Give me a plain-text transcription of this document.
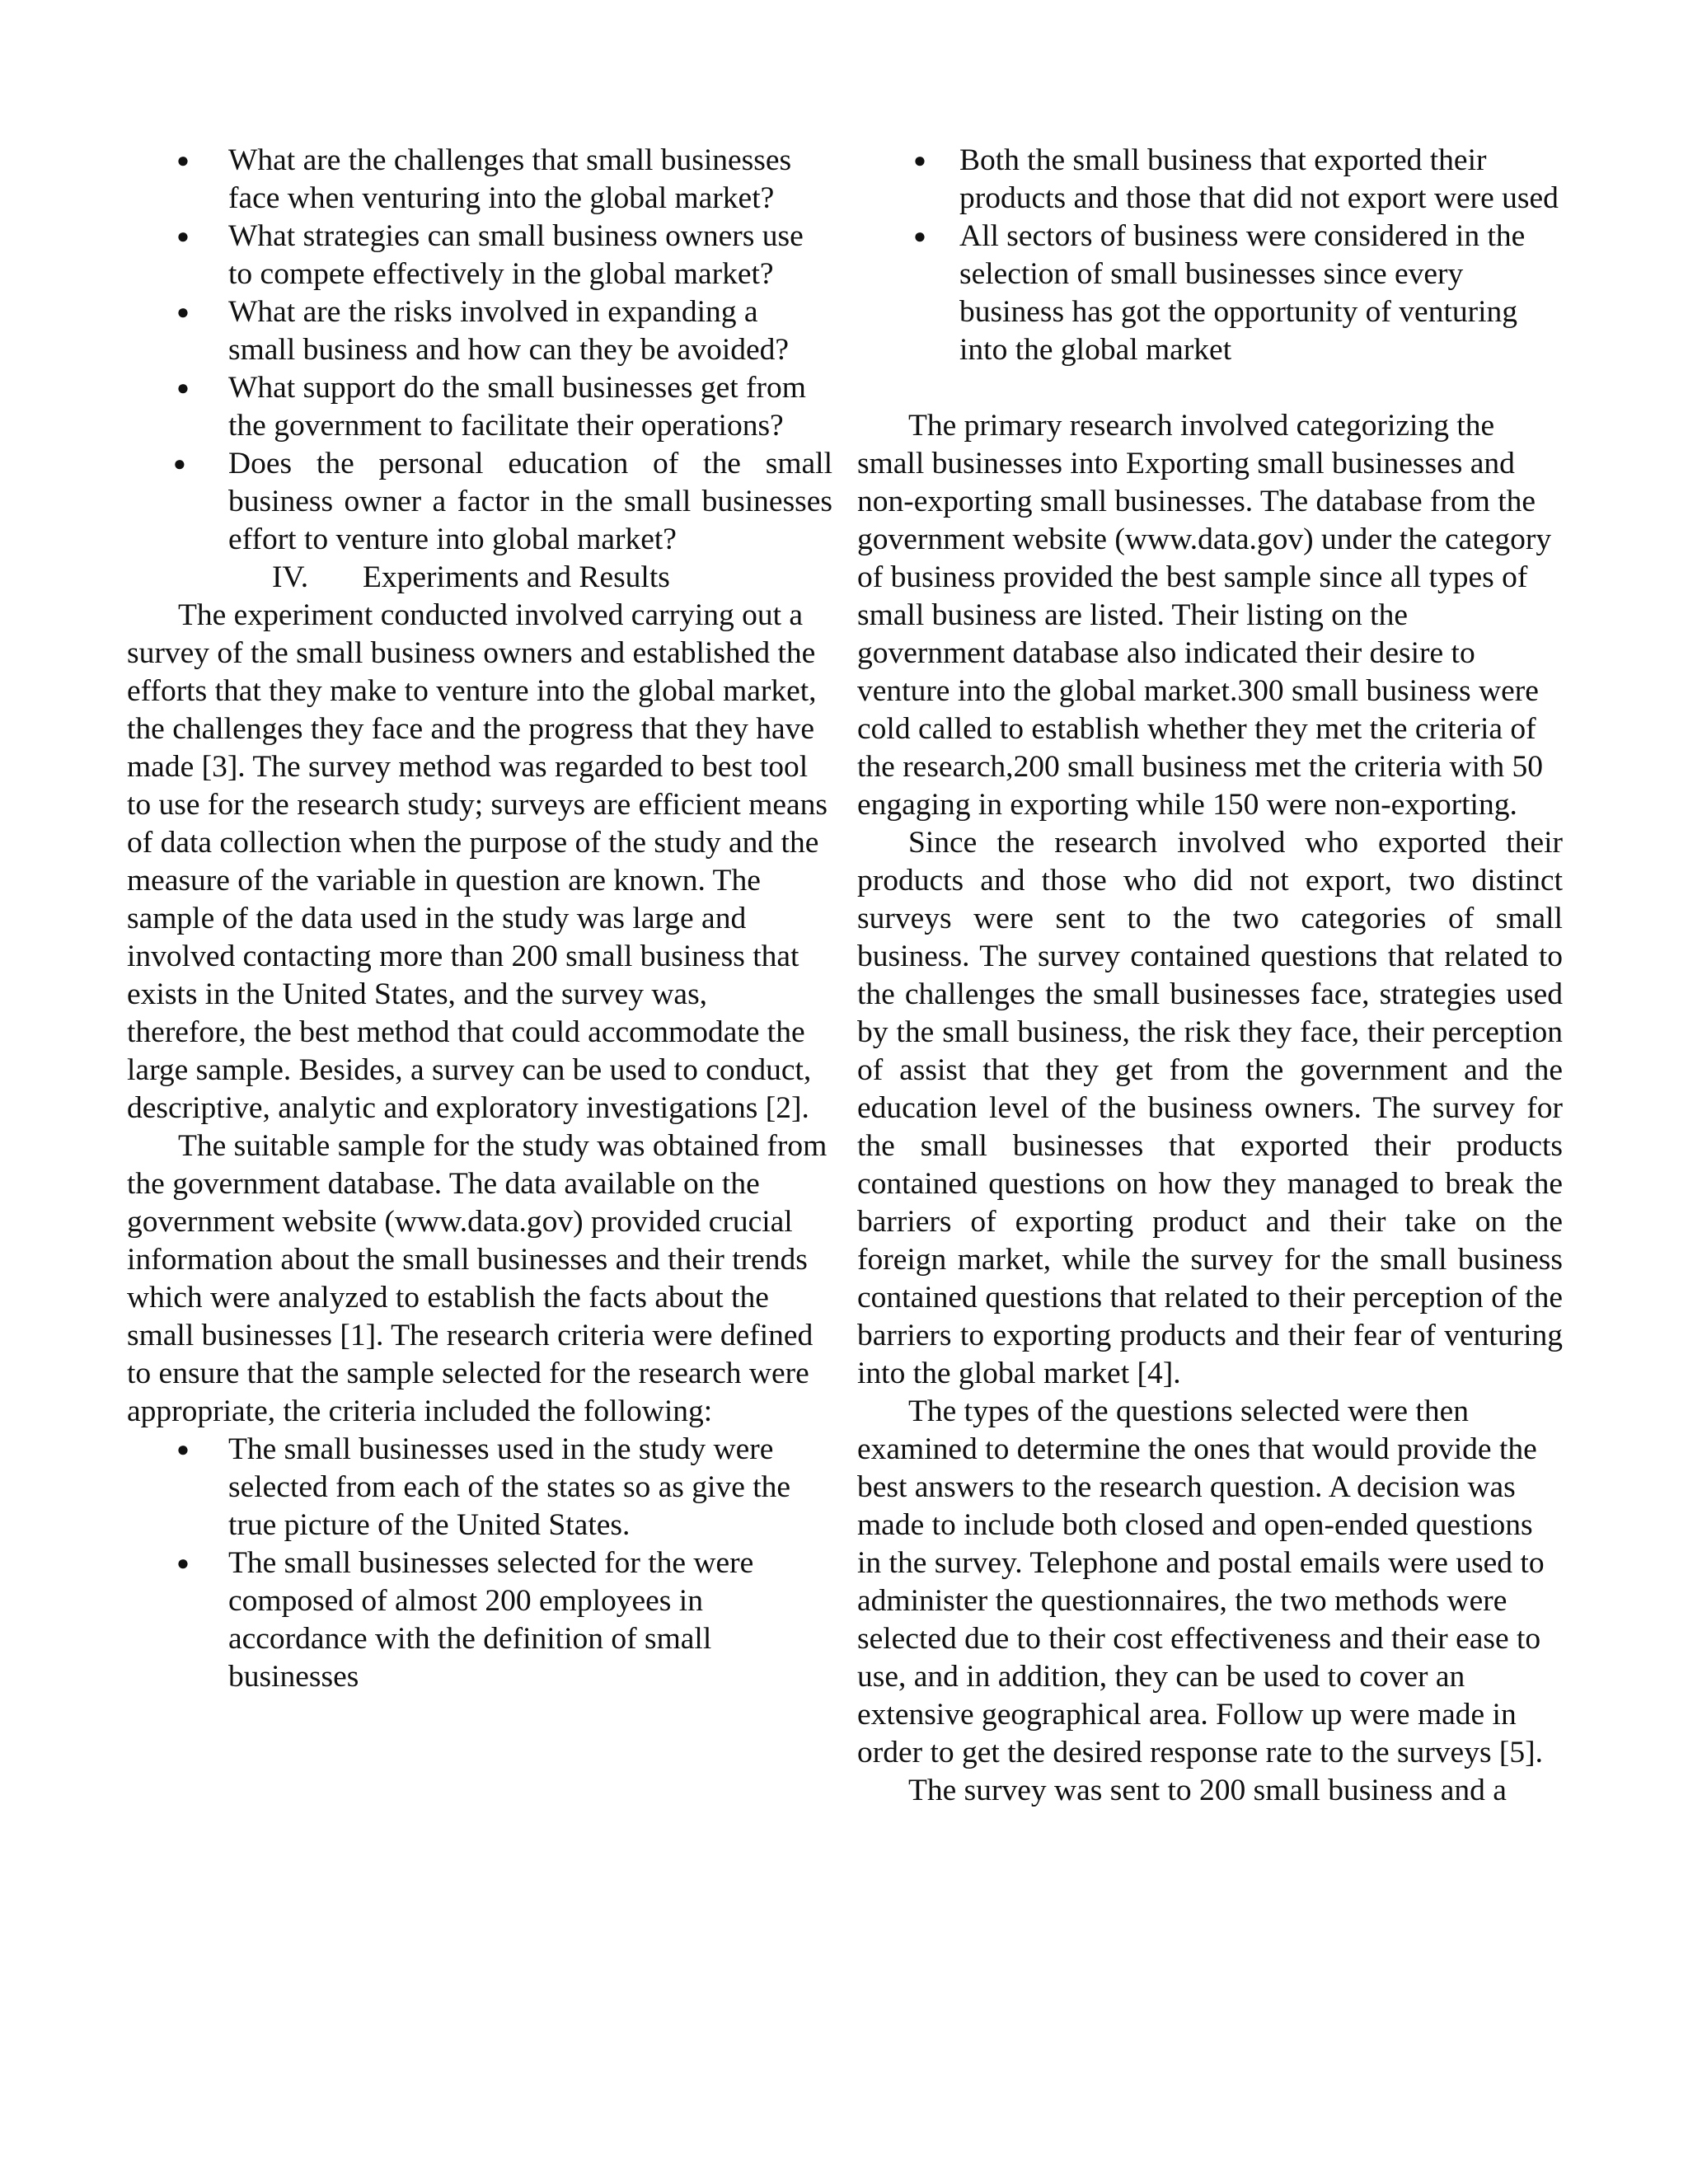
● What are the challenges that small businesses face when venturing into the global market?
● What strategies can small business owners use to compete effectively in the global market?
● What are the risks involved in expanding a small business and how can they be avoided?
● What support do the small businesses get from the government to facilitate their operations?
● Does the personal education of the small business owner a factor in the small businesses effort to venture into global market?
IV. Experiments and Results

The experiment conducted involved carrying out a survey of the small business owners and established the efforts that they make to venture into the global market, the challenges they face and the progress that they have made [3]. The survey method was regarded to best tool to use for the research study; surveys are efficient means of data collection when the purpose of the study and the measure of the variable in question are known. The sample of the data used in the study was large and involved contacting more than 200 small business that exists in the United States, and the survey was, therefore, the best method that could accommodate the large sample. Besides, a survey can be used to conduct, descriptive, analytic and exploratory investigations [2].

The suitable sample for the study was obtained from the government database. The data available on the government website (www.data.gov) provided crucial information about the small businesses and their trends which were analyzed to establish the facts about the small businesses [1]. The research criteria were defined to ensure that the sample selected for the research were appropriate, the criteria included the following:

● The small businesses used in the study were selected from each of the states so as give the true picture of the United States.
● The small businesses selected for the were composed of almost 200 employees in accordance with the definition of small businesses
● Both the small business that exported their products and those that did not export were used
● All sectors of business were considered in the selection of small businesses since every business has got the opportunity of venturing into the global market

The primary research involved categorizing the small businesses into Exporting small businesses and non-exporting small businesses. The database from the government website (www.data.gov) under the category of business provided the best sample since all types of small business are listed. Their listing on the government database also indicated their desire to venture into the global market.300 small business were cold called to establish whether they met the criteria of the research,200 small business met the criteria with 50 engaging in exporting while 150 were non-exporting.

Since the research involved who exported their products and those who did not export, two distinct surveys were sent to the two categories of small business. The survey contained questions that related to the challenges the small businesses face, strategies used by the small business, the risk they face, their perception of assist that they get from the government and the education level of the business owners. The survey for the small businesses that exported their products contained questions on how they managed to break the barriers of exporting product and their take on the foreign market, while the survey for the small business contained questions that related to their perception of the barriers to exporting products and their fear of venturing into the global market [4].

The types of the questions selected were then examined to determine the ones that would provide the best answers to the research question. A decision was made to include both closed and open-ended questions in the survey. Telephone and postal emails were used to administer the questionnaires, the two methods were selected due to their cost effectiveness and their ease to use, and in addition, they can be used to cover an extensive geographical area. Follow up were made in order to get the desired response rate to the surveys [5].

The survey was sent to 200 small business and a
